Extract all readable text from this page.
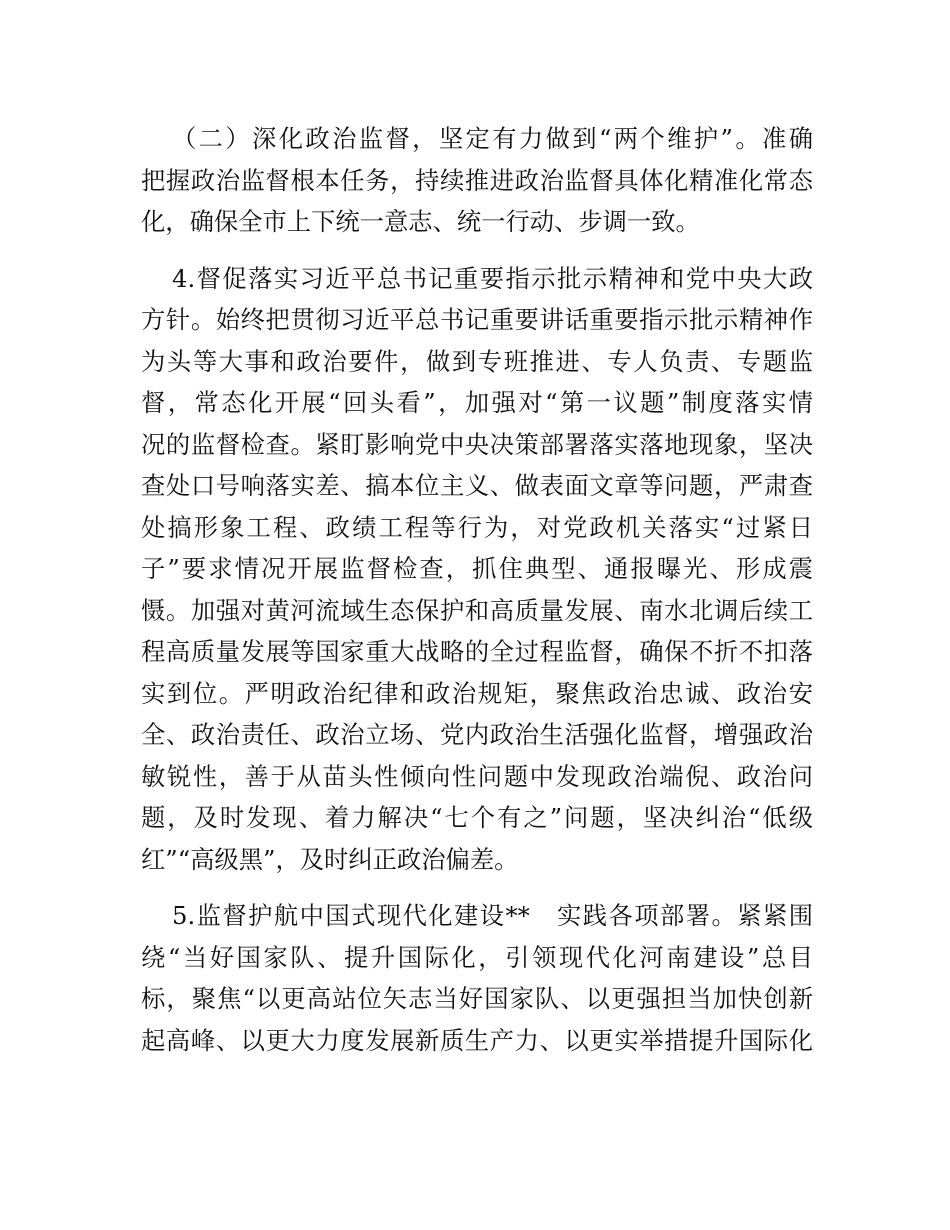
（二）深化政治监督，坚定有力做到“两个维护”。准确
把握政治监督根本任务，持续推进政治监督具体化精准化常态
化，确保全市上下统一意志、统一行动、步调一致。
4.督促落实习近平总书记重要指示批示精神和党中央大政
方针。始终把贯彻习近平总书记重要讲话重要指示批示精神作
为头等大事和政治要件，做到专班推进、专人负责、专题监
督，常态化开展“回头看”，加强对“第一议题”制度落实情
况的监督检查。紧盯影响党中央决策部署落实落地现象，坚决
查处口号响落实差、搞本位主义、做表面文章等问题，严肃查
处搞形象工程、政绩工程等行为，对党政机关落实“过紧日
子”要求情况开展监督检查，抓住典型、通报曝光、形成震
慑。加强对黄河流域生态保护和高质量发展、南水北调后续工
程高质量发展等国家重大战略的全过程监督，确保不折不扣落
实到位。严明政治纪律和政治规矩，聚焦政治忠诚、政治安
全、政治责任、政治立场、党内政治生活强化监督，增强政治
敏锐性，善于从苗头性倾向性问题中发现政治端倪、政治问
题，及时发现、着力解决“七个有之”问题，坚决纠治“低级
红”“高级黑”，及时纠正政治偏差。
5.监督护航中国式现代化建设**　实践各项部署。紧紧围
绕“当好国家队、提升国际化，引领现代化河南建设”总目
标，聚焦“以更高站位矢志当好国家队、以更强担当加快创新
起高峰、以更大力度发展新质生产力、以更实举措提升国际化
